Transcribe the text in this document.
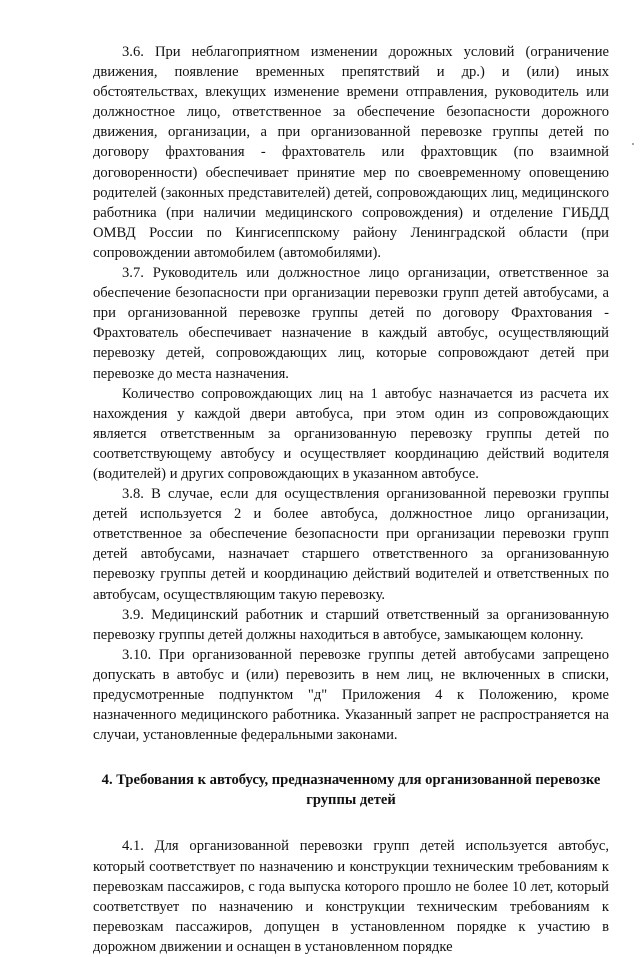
3.6. При неблагоприятном изменении дорожных условий (ограничение движения, появление временных препятствий и др.) и (или) иных обстоятельствах, влекущих изменение времени отправления, руководитель или должностное лицо, ответственное за обеспечение безопасности дорожного движения, организации, а при организованной перевозке группы детей по договору фрахтования - фрахтователь или фрахтовщик (по взаимной договоренности) обеспечивает принятие мер по своевременному оповещению родителей (законных представителей) детей, сопровождающих лиц, медицинского работника (при наличии медицинского сопровождения) и отделение ГИБДД ОМВД России по Кингисеппскому району Ленинградской области (при сопровождении автомобилем (автомобилями).

3.7. Руководитель или должностное лицо организации, ответственное за обеспечение безопасности при организации перевозки групп детей автобусами, а при организованной перевозке группы детей по договору Фрахтования - Фрахтователь обеспечивает назначение в каждый автобус, осуществляющий перевозку детей, сопровождающих лиц, которые сопровождают детей при перевозке до места назначения.

Количество сопровождающих лиц на 1 автобус назначается из расчета их нахождения у каждой двери автобуса, при этом один из сопровождающих является ответственным за организованную перевозку группы детей по соответствующему автобусу и осуществляет координацию действий водителя (водителей) и других сопровождающих в указанном автобусе.

3.8. В случае, если для осуществления организованной перевозки группы детей используется 2 и более автобуса, должностное лицо организации, ответственное за обеспечение безопасности при организации перевозки групп детей автобусами, назначает старшего ответственного за организованную перевозку группы детей и координацию действий водителей и ответственных по автобусам, осуществляющим такую перевозку.

3.9. Медицинский работник и старший ответственный за организованную перевозку группы детей должны находиться в автобусе, замыкающем колонну.

3.10. При организованной перевозке группы детей автобусами запрещено допускать в автобус и (или) перевозить в нем лиц, не включенных в списки, предусмотренные подпунктом "д" Приложения 4 к Положению, кроме назначенного медицинского работника. Указанный запрет не распространяется на случаи, установленные федеральными законами.

4. Требования к автобусу, предназначенному для организованной перевозке группы детей

4.1. Для организованной перевозки групп детей используется автобус, который соответствует по назначению и конструкции техническим требованиям к перевозкам пассажиров, с года выпуска которого прошло не более 10 лет, который соответствует по назначению и конструкции техническим требованиям к перевозкам пассажиров, допущен в установленном порядке к участию в дорожном движении и оснащен в установленном порядке
